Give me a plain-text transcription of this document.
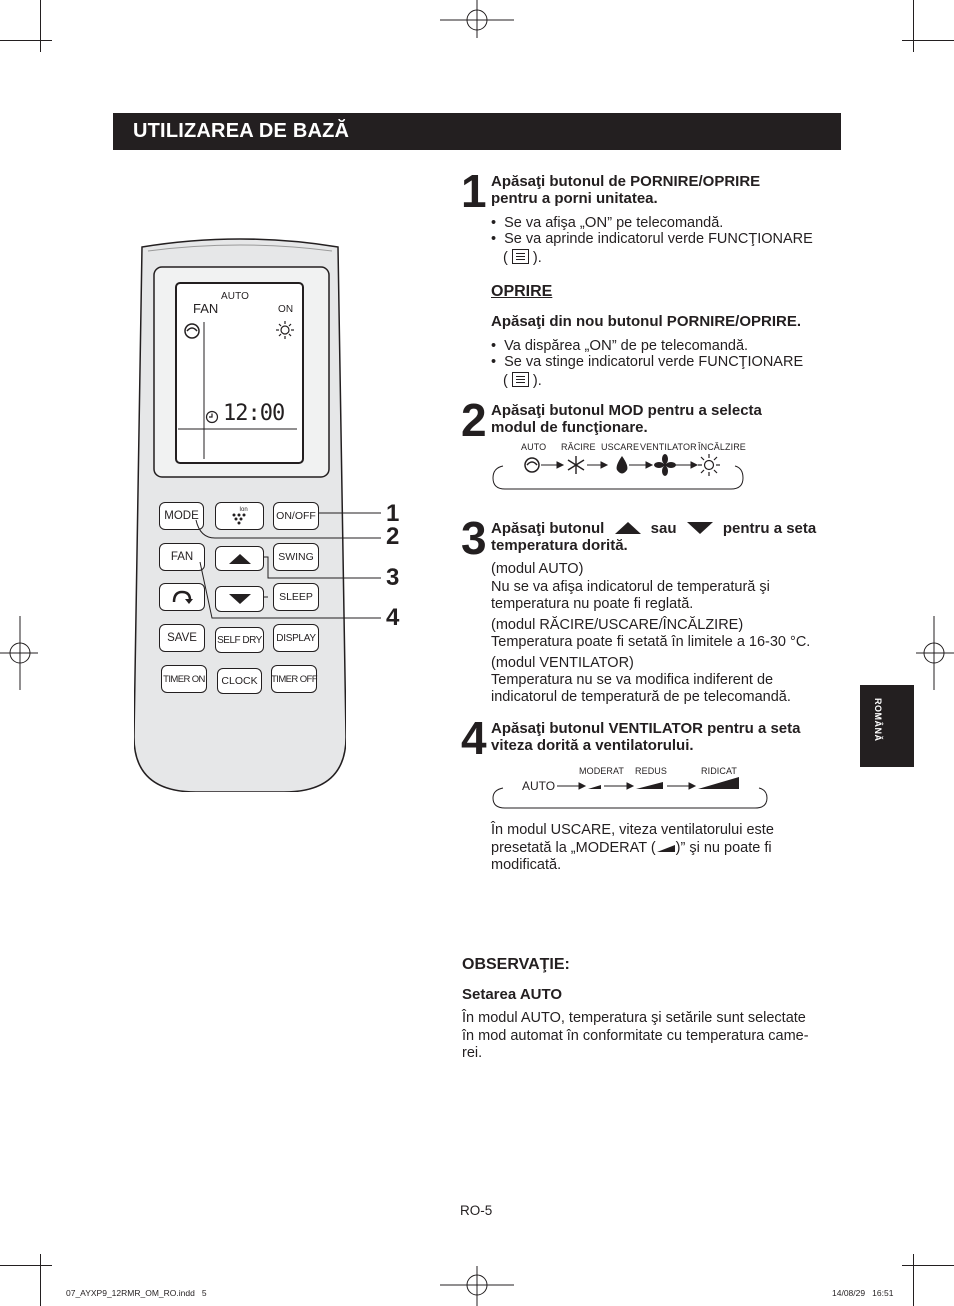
UTILIZAREA DE BAZĂ
ROMÂNĂ
AUTO
FAN	ON
12:00
MODE	Ion	ON/OFF
FAN	SWING
SLEEP
SAVE	SELF DRY	DISPLAY
TIMER ON	CLOCK	TIMER OFF
1
2
3
4
1 Apăsaţi butonul de PORNIRE/OPRIRE
pentru a porni unitatea.
•  Se va afişa „ON” pe telecomandă.
•  Se va aprinde indicatorul verde FUNCŢIONARE
( ).
OPRIRE
Apăsaţi din nou butonul PORNIRE/OPRIRE.
•  Va dispărea „ON” de pe telecomandă.
•  Se va stinge indicatorul verde FUNCŢIONARE
( ).
2 Apăsaţi butonul MOD pentru a selecta
modul de funcţionare.
AUTO RĂCIRE USCARE VENTILATOR ÎNCĂLZIRE
3 Apăsaţi butonul	sau	pentru a seta
temperatura dorită.
(modul AUTO)
Nu se va afişa indicatorul de temperatură şi
temperatura nu poate fi reglată.
(modul RĂCIRE/USCARE/ÎNCĂLZIRE)
Temperatura poate fi setată în limitele a 16-30 °C.
(modul VENTILATOR)
Temperatura nu se va modifica indiferent de
indicatorul de temperatură de pe telecomandă.
4 Apăsaţi butonul VENTILATOR pentru a seta
viteza dorită a ventilatorului.
MODERAT REDUS	RIDICAT
AUTO
În modul USCARE, viteza ventilatorului este
presetată la „MODERAT ( )” şi nu poate fi
modificată.
OBSERVAŢIE:
Setarea AUTO
În modul AUTO, temperatura şi setările sunt selectate
în mod automat în conformitate cu temperatura came-
rei.
RO-5
07_AYXP9_12RMR_OM_RO.indd   5	14/08/29   16:51
